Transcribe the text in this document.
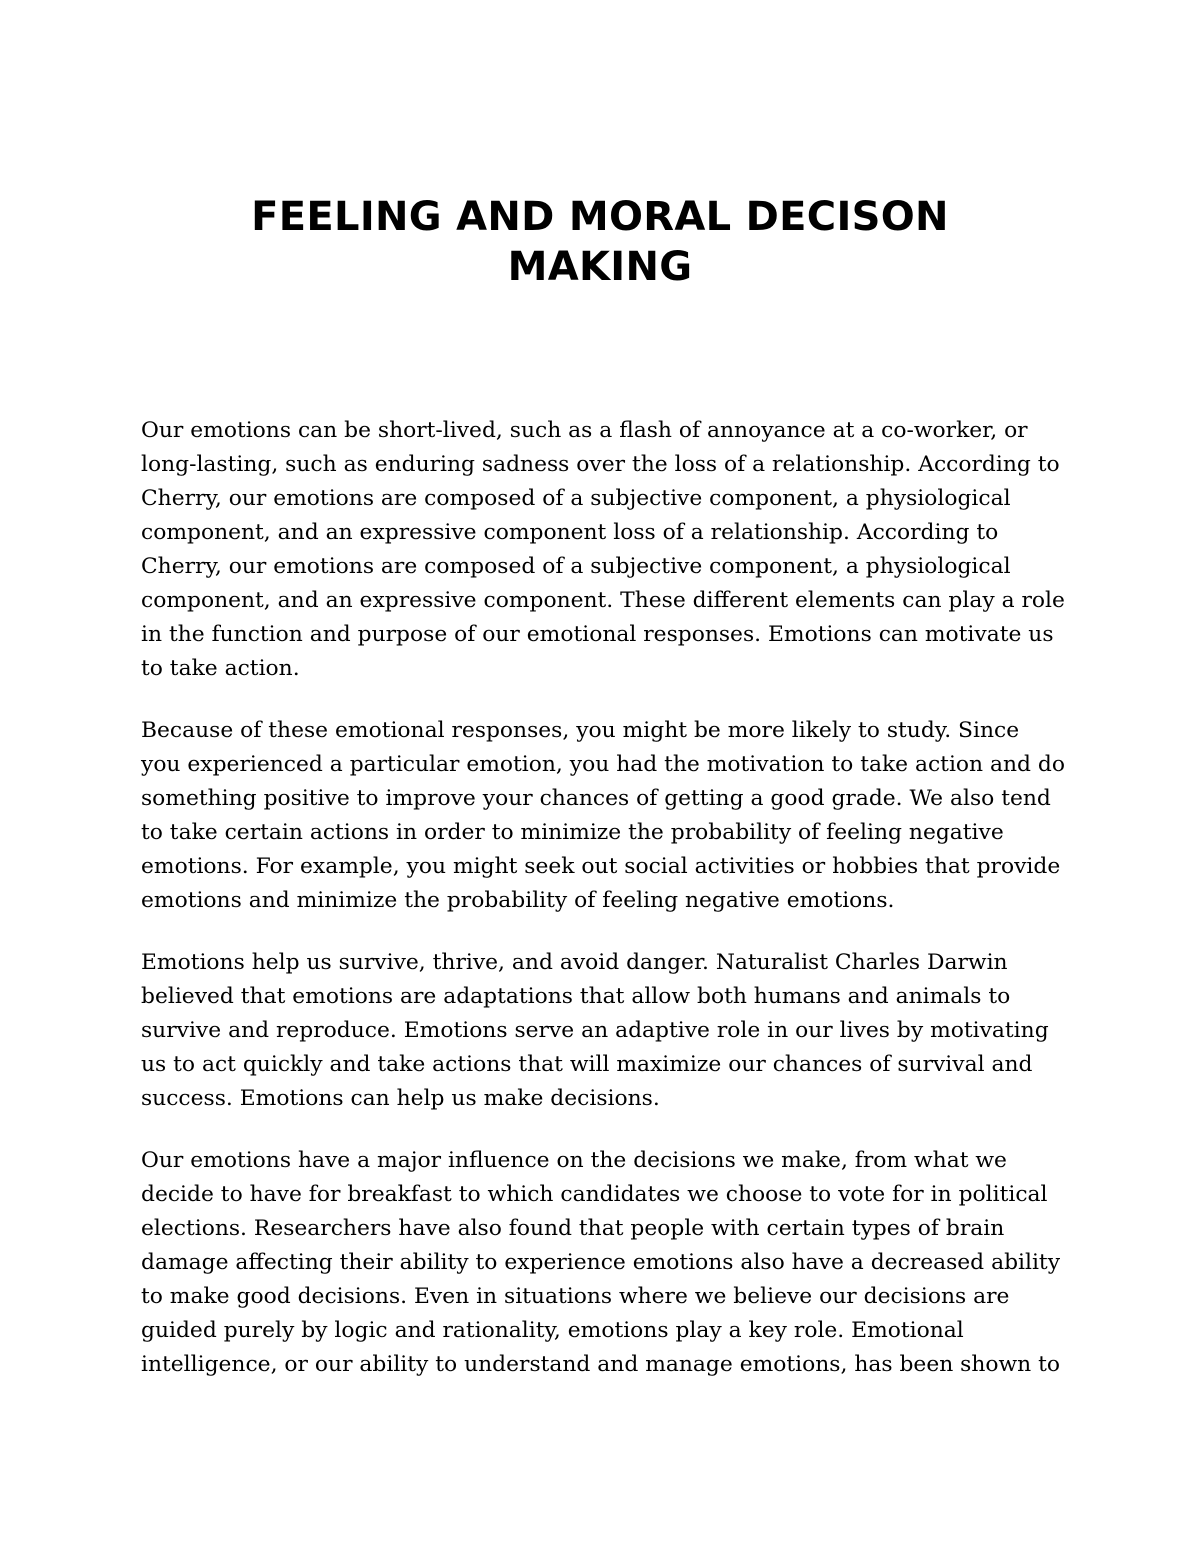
FEELING AND MORAL DECISON
MAKING

Our emotions can be short-lived, such as a flash of annoyance at a co-worker, or
long-lasting, such as enduring sadness over the loss of a relationship. According to
Cherry, our emotions are composed of a subjective component, a physiological
component, and an expressive component loss of a relationship. According to
Cherry, our emotions are composed of a subjective component, a physiological
component, and an expressive component. These different elements can play a role
in the function and purpose of our emotional responses. Emotions can motivate us
to take action.

Because of these emotional responses, you might be more likely to study. Since
you experienced a particular emotion, you had the motivation to take action and do
something positive to improve your chances of getting a good grade. We also tend
to take certain actions in order to minimize the probability of feeling negative
emotions. For example, you might seek out social activities or hobbies that provide
emotions and minimize the probability of feeling negative emotions.

Emotions help us survive, thrive, and avoid danger. Naturalist Charles Darwin
believed that emotions are adaptations that allow both humans and animals to
survive and reproduce. Emotions serve an adaptive role in our lives by motivating
us to act quickly and take actions that will maximize our chances of survival and
success. Emotions can help us make decisions.

Our emotions have a major influence on the decisions we make, from what we
decide to have for breakfast to which candidates we choose to vote for in political
elections. Researchers have also found that people with certain types of brain
damage affecting their ability to experience emotions also have a decreased ability
to make good decisions. Even in situations where we believe our decisions are
guided purely by logic and rationality, emotions play a key role. Emotional
intelligence, or our ability to understand and manage emotions, has been shown to
